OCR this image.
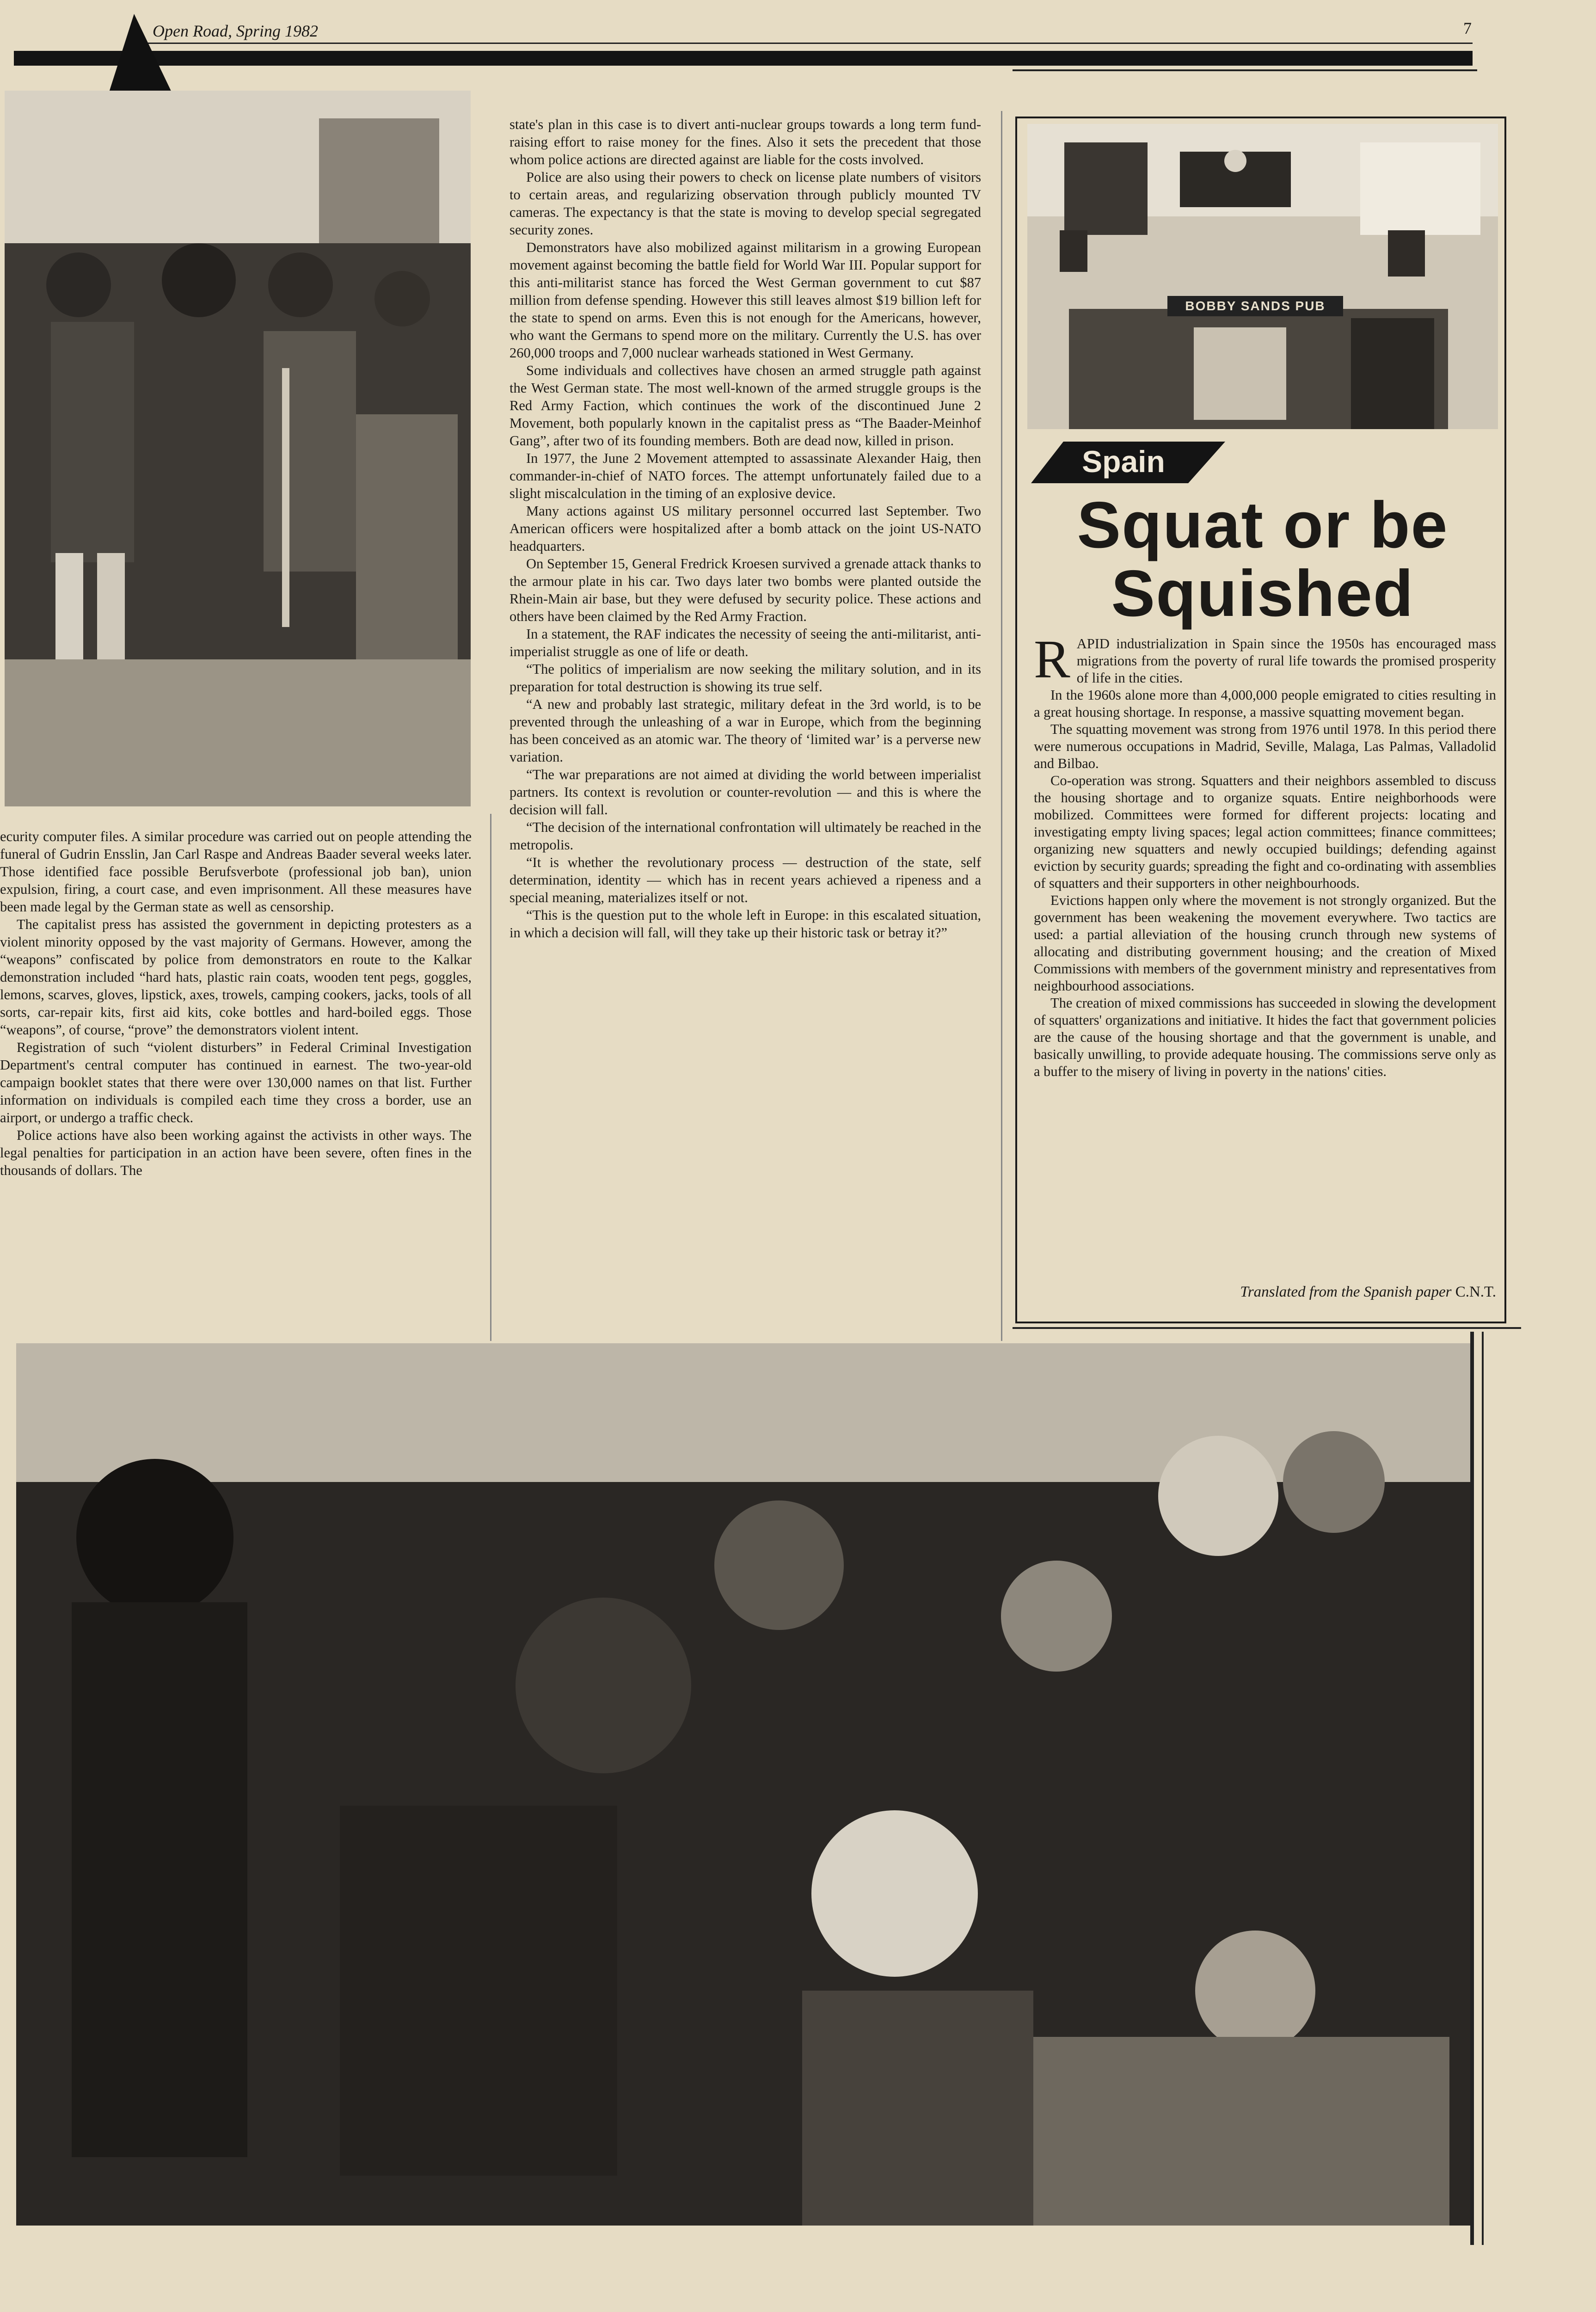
Open Road, Spring 1982	7

ecurity computer files. A similar procedure was carried out on people attending the funeral of Gudrin Ensslin, Jan Carl Raspe and Andreas Baader several weeks later. Those identified face possible Berufsverbote (professional job ban), union expulsion, firing, a court case, and even imprisonment. All these measures have been made legal by the German state as well as censorship.

The capitalist press has assisted the government in depicting protesters as a violent minority opposed by the vast majority of Germans. However, among the “weapons” confiscated by police from demonstrators en route to the Kalkar demonstration included “hard hats, plastic rain coats, wooden tent pegs, goggles, lemons, scarves, gloves, lipstick, axes, trowels, camping cookers, jacks, tools of all sorts, car-repair kits, first aid kits, coke bottles and hard-boiled eggs. Those “weapons”, of course, “prove” the demonstrators violent intent.

Registration of such “violent disturbers” in Federal Criminal Investigation Department's central computer has continued in earnest. The two-year-old campaign booklet states that there were over 130,000 names on that list. Further information on individuals is compiled each time they cross a border, use an airport, or undergo a traffic check.

Police actions have also been working against the activists in other ways. The legal penalties for participation in an action have been severe, often fines in the thousands of dollars. The

state's plan in this case is to divert anti-nuclear groups towards a long term fund-raising effort to raise money for the fines. Also it sets the precedent that those whom police actions are directed against are liable for the costs involved.

Police are also using their powers to check on license plate numbers of visitors to certain areas, and regularizing observation through publicly mounted TV cameras. The expectancy is that the state is moving to develop special segregated security zones.

Demonstrators have also mobilized against militarism in a growing European movement against becoming the battle field for World War III. Popular support for this anti-militarist stance has forced the West German government to cut $87 million from defense spending. However this still leaves almost $19 billion left for the state to spend on arms. Even this is not enough for the Americans, however, who want the Germans to spend more on the military. Currently the U.S. has over 260,000 troops and 7,000 nuclear warheads stationed in West Germany.

Some individuals and collectives have chosen an armed struggle path against the West German state. The most well-known of the armed struggle groups is the Red Army Faction, which continues the work of the discontinued June 2 Movement, both popularly known in the capitalist press as “The Baader-Meinhof Gang”, after two of its founding members. Both are dead now, killed in prison.

In 1977, the June 2 Movement attempted to assassinate Alexander Haig, then commander-in-chief of NATO forces. The attempt unfortunately failed due to a slight miscalculation in the timing of an explosive device.

Many actions against US military personnel occurred last September. Two American officers were hospitalized after a bomb attack on the joint US-NATO headquarters.

On September 15, General Fredrick Kroesen survived a grenade attack thanks to the armour plate in his car. Two days later two bombs were planted outside the Rhein-Main air base, but they were defused by security police. These actions and others have been claimed by the Red Army Fraction.

In a statement, the RAF indicates the necessity of seeing the anti-militarist, anti-imperialist struggle as one of life or death.

“The politics of imperialism are now seeking the military solution, and in its preparation for total destruction is showing its true self.

“A new and probably last strategic, military defeat in the 3rd world, is to be prevented through the unleashing of a war in Europe, which from the beginning has been conceived as an atomic war. The theory of ‘limited war’ is a perverse new variation.

“The war preparations are not aimed at dividing the world between imperialist partners. Its context is revolution or counter-revolution — and this is where the decision will fall.

“The decision of the international confrontation will ultimately be reached in the metropolis.

“It is whether the revolutionary process — destruction of the state, self determination, identity — which has in recent years achieved a ripeness and a special meaning, materializes itself or not.

“This is the question put to the whole left in Europe: in this escalated situation, in which a decision will fall, will they take up their historic task or betray it?”

BOBBY SANDS PUB
Spain
Squat or be
Squished

RAPID industrialization in Spain since the 1950s has encouraged mass migrations from the poverty of rural life towards the promised prosperity of life in the cities.

In the 1960s alone more than 4,000,000 people emigrated to cities resulting in a great housing shortage. In response, a massive squatting movement began.

The squatting movement was strong from 1976 until 1978. In this period there were numerous occupations in Madrid, Seville, Malaga, Las Palmas, Valladolid and Bilbao.

Co-operation was strong. Squatters and their neighbors assembled to discuss the housing shortage and to organize squats. Entire neighborhoods were mobilized. Committees were formed for different projects: locating and investigating empty living spaces; legal action committees; finance committees; organizing new squatters and newly occupied buildings; defending against eviction by security guards; spreading the fight and co-ordinating with assemblies of squatters and their supporters in other neighbourhoods.

Evictions happen only where the movement is not strongly organized. But the government has been weakening the movement everywhere. Two tactics are used: a partial alleviation of the housing crunch through new systems of allocating and distributing government housing; and the creation of Mixed Commissions with members of the government ministry and representatives from neighbourhood associations.

The creation of mixed commissions has succeeded in slowing the development of squatters' organizations and initiative. It hides the fact that government policies are the cause of the housing shortage and that the government is unable, and basically unwilling, to provide adequate housing. The commissions serve only as a buffer to the misery of living in poverty in the nations' cities.

Translated from the Spanish paper C.N.T.
